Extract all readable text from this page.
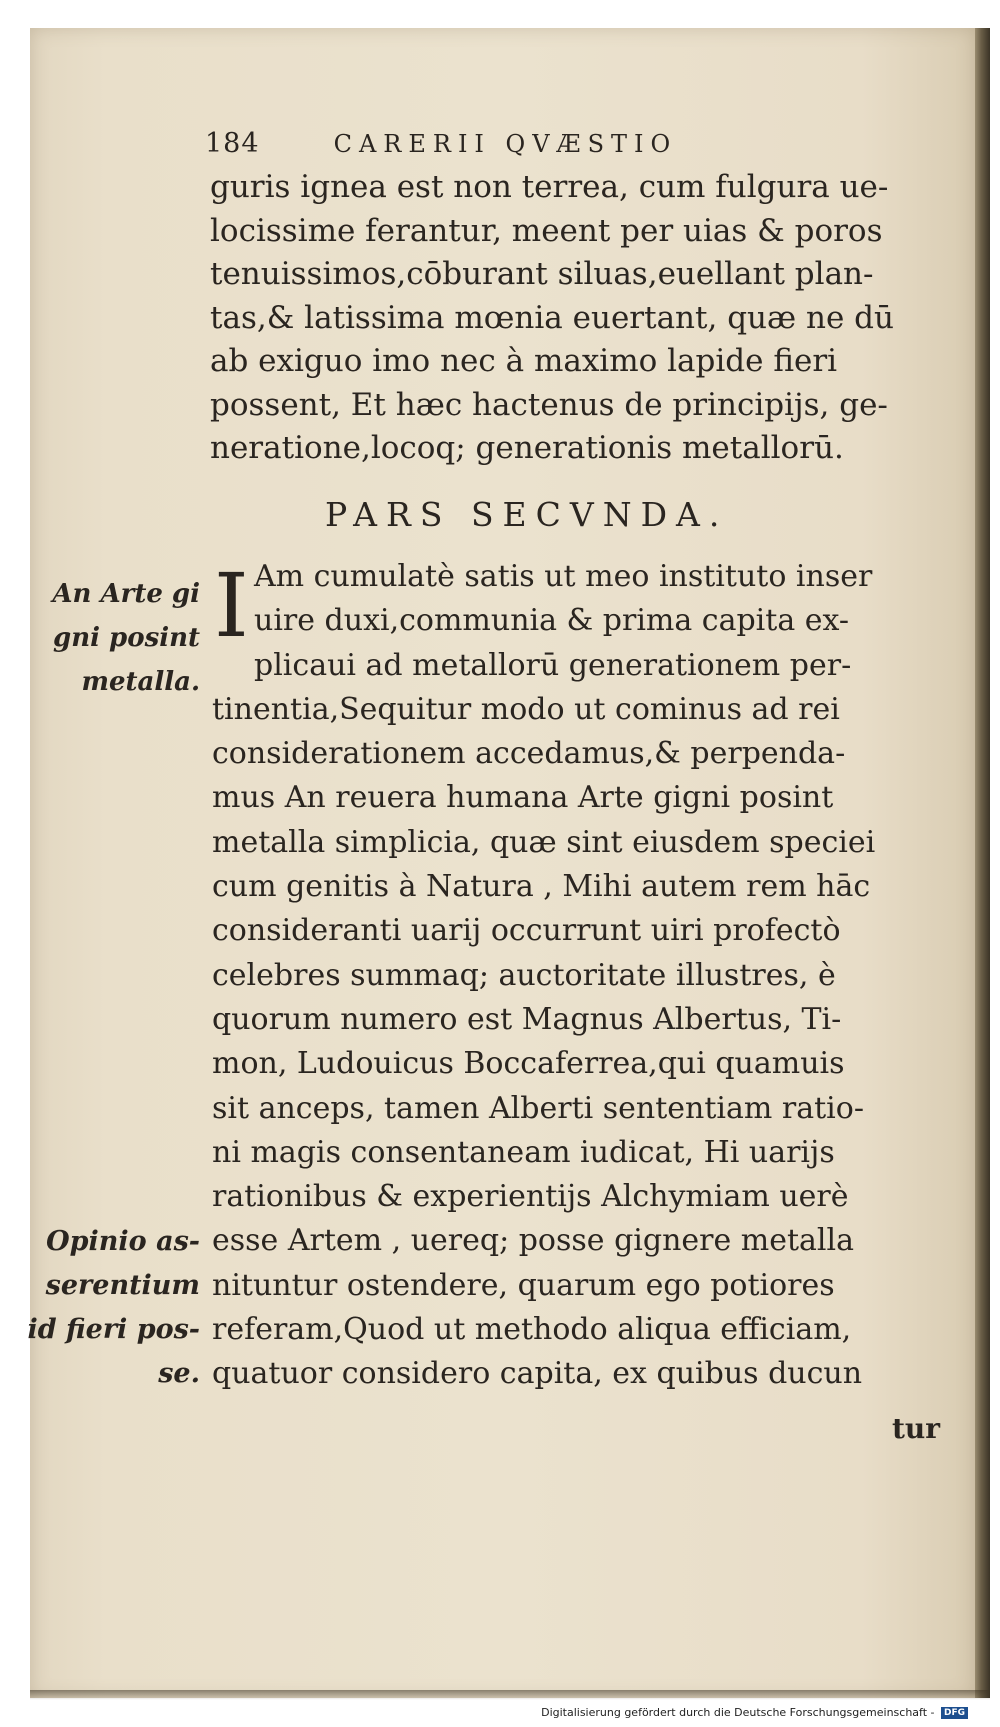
184	CARERII QVÆSTIO
guris ignea est non terrea, cum fulgura ue-
locissime ferantur, meent per uias & poros
tenuissimos,cōburant siluas,euellant plan-
tas,& latissima mœnia euertant, quæ ne dū
ab exiguo imo nec à maximo lapide fieri
possent, Et hæc hactenus de principijs, ge-
neratione,locoq; generationis metallorū.
PARS SECVNDA.
I Am cumulatè satis ut meo instituto inser
uire duxi,communia & prima capita ex-
plicaui ad metallorū generationem per-
tinentia,Sequitur modo ut cominus ad rei
considerationem accedamus,& perpenda-
mus An reuera humana Arte gigni posint
metalla simplicia, quæ sint eiusdem speciei
cum genitis à Natura , Mihi autem rem hāc
consideranti uarij occurrunt uiri profectò
celebres summaq; auctoritate illustres, è
quorum numero est Magnus Albertus, Ti-
mon, Ludouicus Boccaferrea,qui quamuis
sit anceps, tamen Alberti sententiam ratio-
ni magis consentaneam iudicat, Hi uarijs
rationibus & experientijs Alchymiam uerè
esse Artem , uereq; posse gignere metalla
nituntur ostendere, quarum ego potiores
referam,Quod ut methodo aliqua efficiam,
quatuor considero capita, ex quibus ducun
An Arte gi
gni posint
metalla.
Opinio as-
serentium
id fieri pos-
se.
tur
Digitalisierung gefördert durch die Deutsche Forschungsgemeinschaft - DFG
